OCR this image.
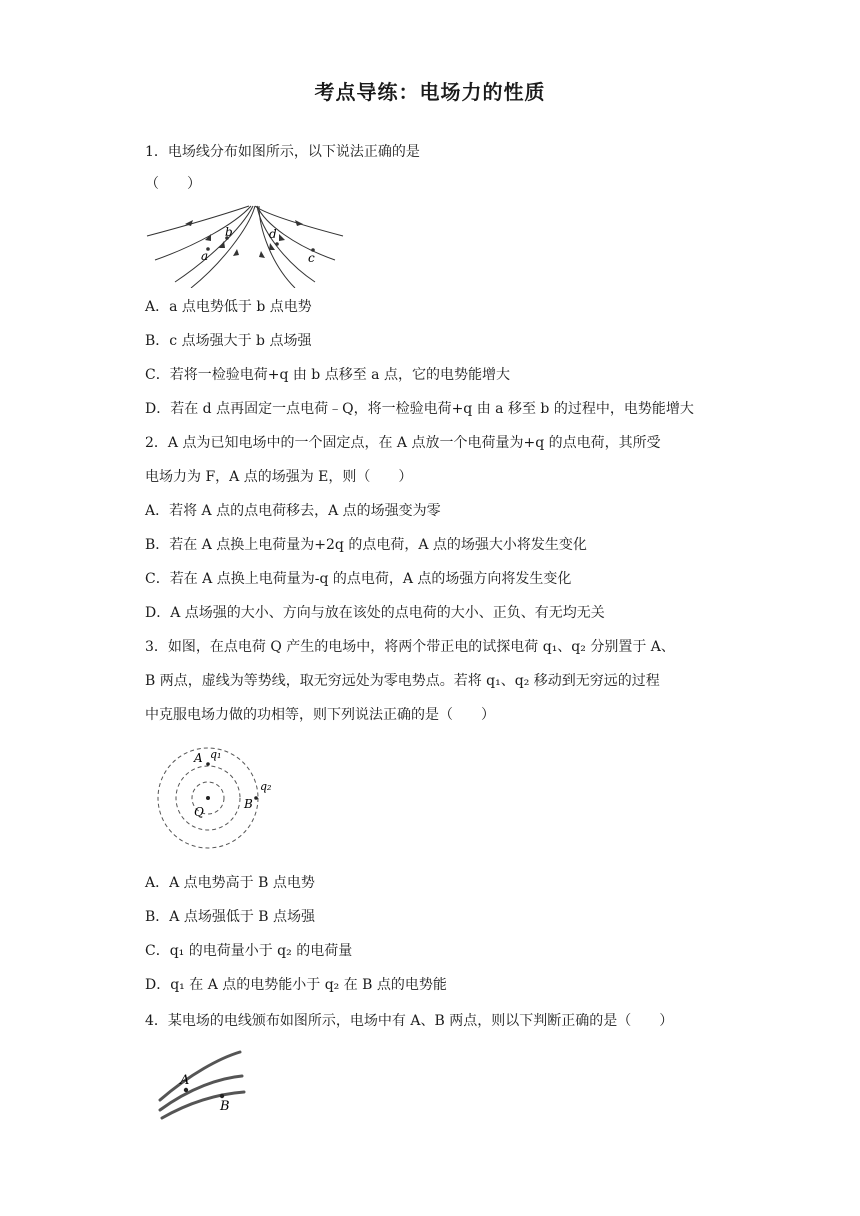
考点导练：电场力的性质
1．电场线分布如图所示，以下说法正确的是
（　　）
a
b
c
d
A．a 点电势低于 b 点电势
B．c 点场强大于 b 点场强
C．若将一检验电荷+q 由 b 点移至 a 点，它的电势能增大
D．若在 d 点再固定一点电荷﹣Q，将一检验电荷+q 由 a 移至 b 的过程中，电势能增大
2．A 点为已知电场中的一个固定点，在 A 点放一个电荷量为+q 的点电荷，其所受
电场力为 F，A 点的场强为 E，则（　　）
A．若将 A 点的点电荷移去，A 点的场强变为零
B．若在 A 点换上电荷量为+2q 的点电荷，A 点的场强大小将发生变化
C．若在 A 点换上电荷量为-q 的点电荷，A 点的场强方向将发生变化
D．A 点场强的大小、方向与放在该处的点电荷的大小、正负、有无均无关
3．如图，在点电荷 Q 产生的电场中，将两个带正电的试探电荷 q₁、q₂ 分别置于 A、
B 两点，虚线为等势线，取无穷远处为零电势点。若将 q₁、q₂ 移动到无穷远的过程
中克服电场力做的功相等，则下列说法正确的是（　　）
Q
A q₁
B
q₂
A．A 点电势高于 B 点电势
B．A 点场强低于 B 点场强
C．q₁ 的电荷量小于 q₂ 的电荷量
D．q₁ 在 A 点的电势能小于 q₂ 在 B 点的电势能
4．某电场的电线颁布如图所示，电场中有 A、B 两点，则以下判断正确的是（　　）
A
B
